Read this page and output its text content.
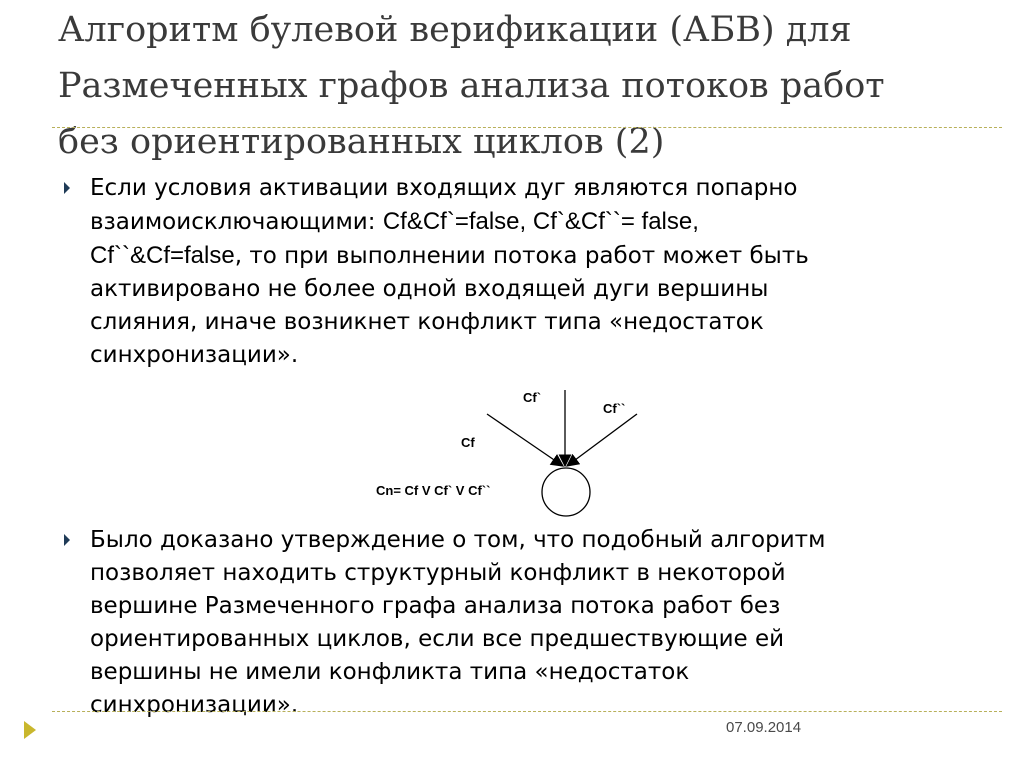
Алгоритм булевой верификации (АБВ) для
Размеченных графов анализа потоков работ
без ориентированных циклов (2)
Если условия активации входящих дуг являются попарно
взаимоисключающими: Cf&Cf`=false, Cf`&Cf``= false,
Cf``&Cf=false, то при выполнении потока работ может быть
активировано не более одной входящей дуги вершины
слияния, иначе возникнет конфликт типа «недостаток
синхронизации».
Cf
Cf`
Cf``
Cn= Cf V Cf` V Cf``
Было доказано утверждение о том, что подобный алгоритм
позволяет находить структурный конфликт в некоторой
вершине Размеченного графа анализа потока работ без
ориентированных циклов, если все предшествующие ей
вершины не имели конфликта типа «недостаток
синхронизации».
07.09.2014
